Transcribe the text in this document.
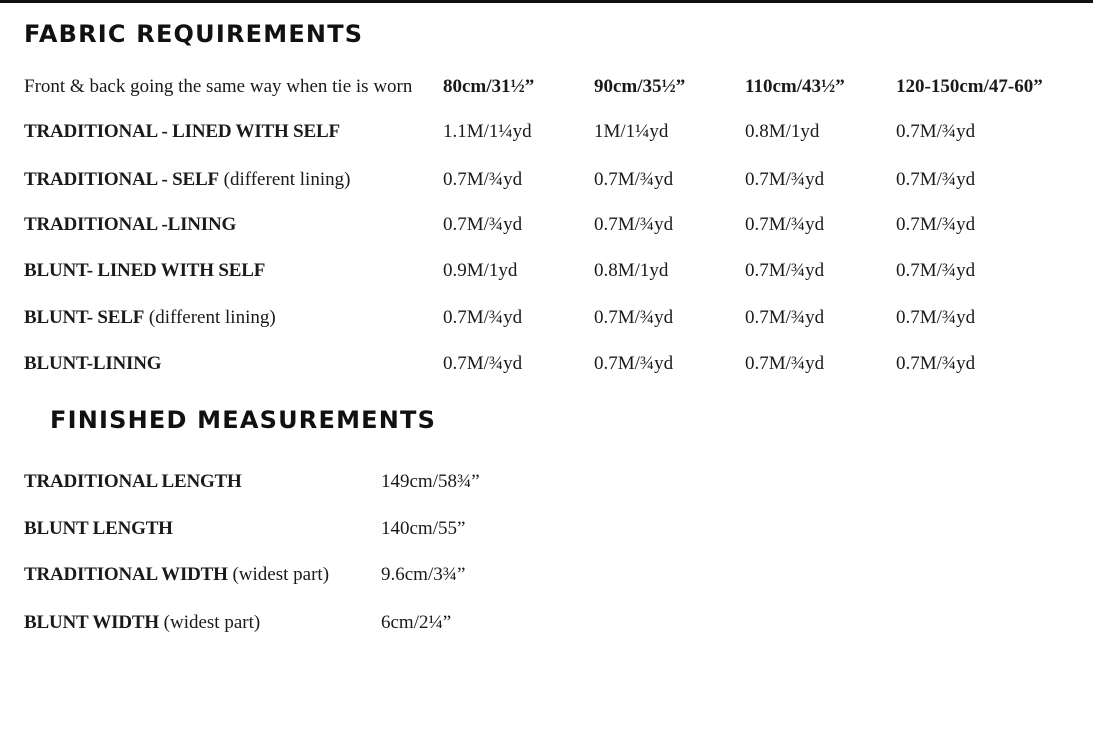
FABRIC REQUIREMENTS
Front & back going the same way when tie is worn 80cm/31½”	90cm/35½”	110cm/43½”	120-150cm/47-60”
TRADITIONAL - LINED WITH SELF	1.1M/1¼yd	1M/1¼yd	0.8M/1yd	0.7M/¾yd
TRADITIONAL - SELF (different lining)	0.7M/¾yd	0.7M/¾yd	0.7M/¾yd	0.7M/¾yd
TRADITIONAL -LINING	0.7M/¾yd	0.7M/¾yd	0.7M/¾yd	0.7M/¾yd
BLUNT- LINED WITH SELF	0.9M/1yd	0.8M/1yd	0.7M/¾yd	0.7M/¾yd
BLUNT- SELF (different lining)	0.7M/¾yd	0.7M/¾yd	0.7M/¾yd	0.7M/¾yd
BLUNT-LINING	0.7M/¾yd	0.7M/¾yd	0.7M/¾yd	0.7M/¾yd
FINISHED MEASUREMENTS
TRADITIONAL LENGTH	149cm/58¾”
BLUNT LENGTH	140cm/55”
TRADITIONAL WIDTH (widest part)	9.6cm/3¾”
BLUNT WIDTH (widest part)	6cm/2¼”
